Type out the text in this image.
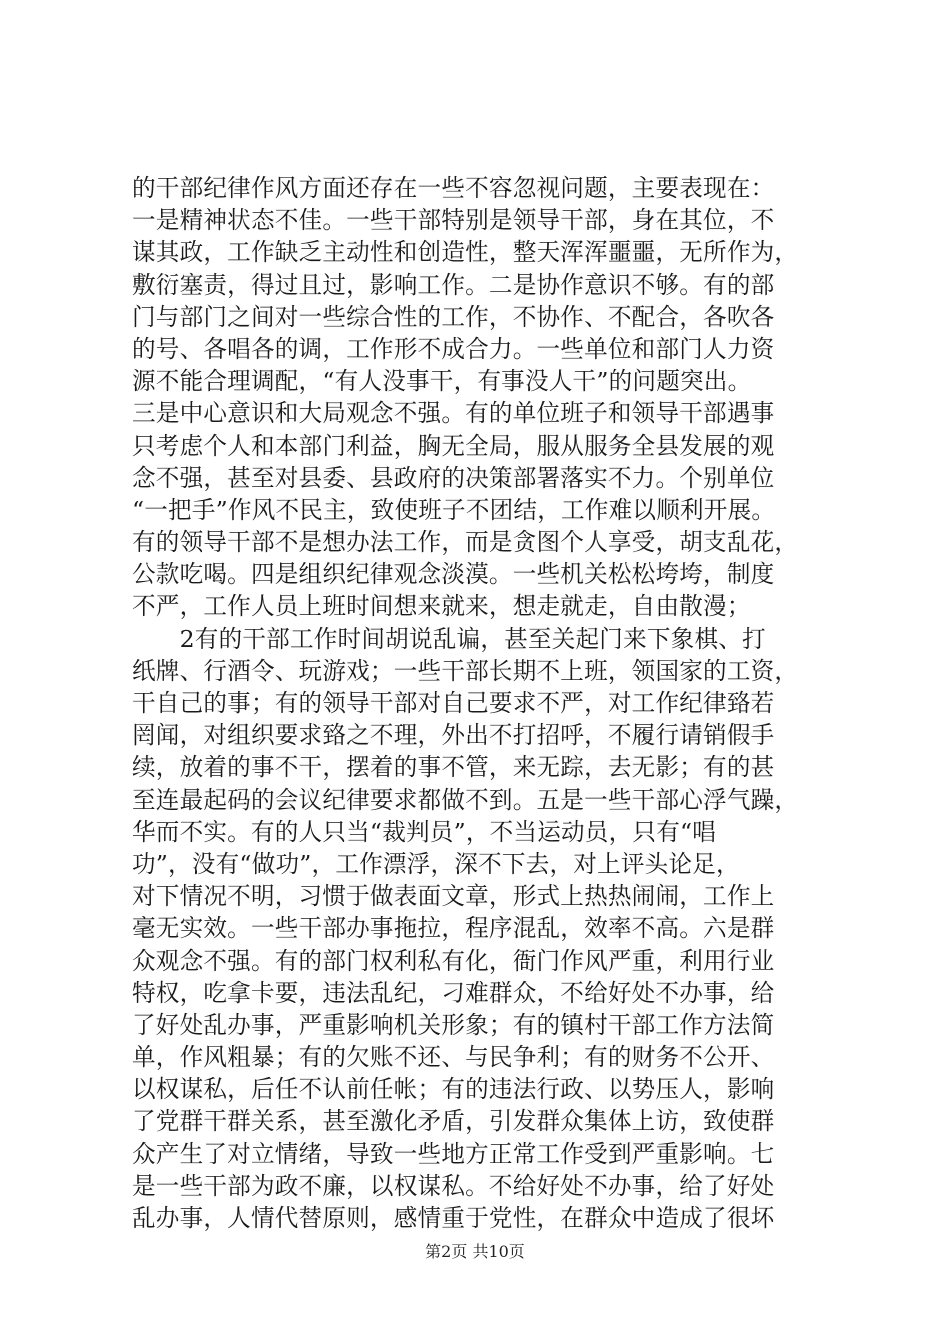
的干部纪律作风方面还存在一些不容忽视问题，主要表现在：
一是精神状态不佳。一些干部特别是领导干部，身在其位，不
谋其政，工作缺乏主动性和创造性，整天浑浑噩噩，无所作为，
敷衍塞责，得过且过，影响工作。二是协作意识不够。有的部
门与部门之间对一些综合性的工作，不协作、不配合，各吹各
的号、各唱各的调，工作形不成合力。一些单位和部门人力资
源不能合理调配，“有人没事干，有事没人干”的问题突出。
三是中心意识和大局观念不强。有的单位班子和领导干部遇事
只考虑个人和本部门利益，胸无全局，服从服务全县发展的观
念不强，甚至对县委、县政府的决策部署落实不力。个别单位
“一把手”作风不民主，致使班子不团结，工作难以顺利开展。
有的领导干部不是想办法工作，而是贪图个人享受，胡支乱花，
公款吃喝。四是组织纪律观念淡漠。一些机关松松垮垮，制度
不严，工作人员上班时间想来就来，想走就走，自由散漫；
　　2有的干部工作时间胡说乱谝，甚至关起门来下象棋、打
纸牌、行酒令、玩游戏；一些干部长期不上班，领国家的工资，
干自己的事；有的领导干部对自己要求不严，对工作纪律臵若
罔闻，对组织要求臵之不理，外出不打招呼，不履行请销假手
续，放着的事不干，摆着的事不管，来无踪，去无影；有的甚
至连最起码的会议纪律要求都做不到。五是一些干部心浮气躁，
华而不实。有的人只当“裁判员”，不当运动员，只有“唱
功”，没有“做功”，工作漂浮，深不下去，对上评头论足，
对下情况不明，习惯于做表面文章，形式上热热闹闹，工作上
毫无实效。一些干部办事拖拉，程序混乱，效率不高。六是群
众观念不强。有的部门权利私有化，衙门作风严重，利用行业
特权，吃拿卡要，违法乱纪，刁难群众，不给好处不办事，给
了好处乱办事，严重影响机关形象；有的镇村干部工作方法简
单，作风粗暴；有的欠账不还、与民争利；有的财务不公开、
以权谋私，后任不认前任帐；有的违法行政、以势压人，影响
了党群干群关系，甚至激化矛盾，引发群众集体上访，致使群
众产生了对立情绪，导致一些地方正常工作受到严重影响。七
是一些干部为政不廉，以权谋私。不给好处不办事，给了好处
乱办事，人情代替原则，感情重于党性，在群众中造成了很坏
第2页 共10页
